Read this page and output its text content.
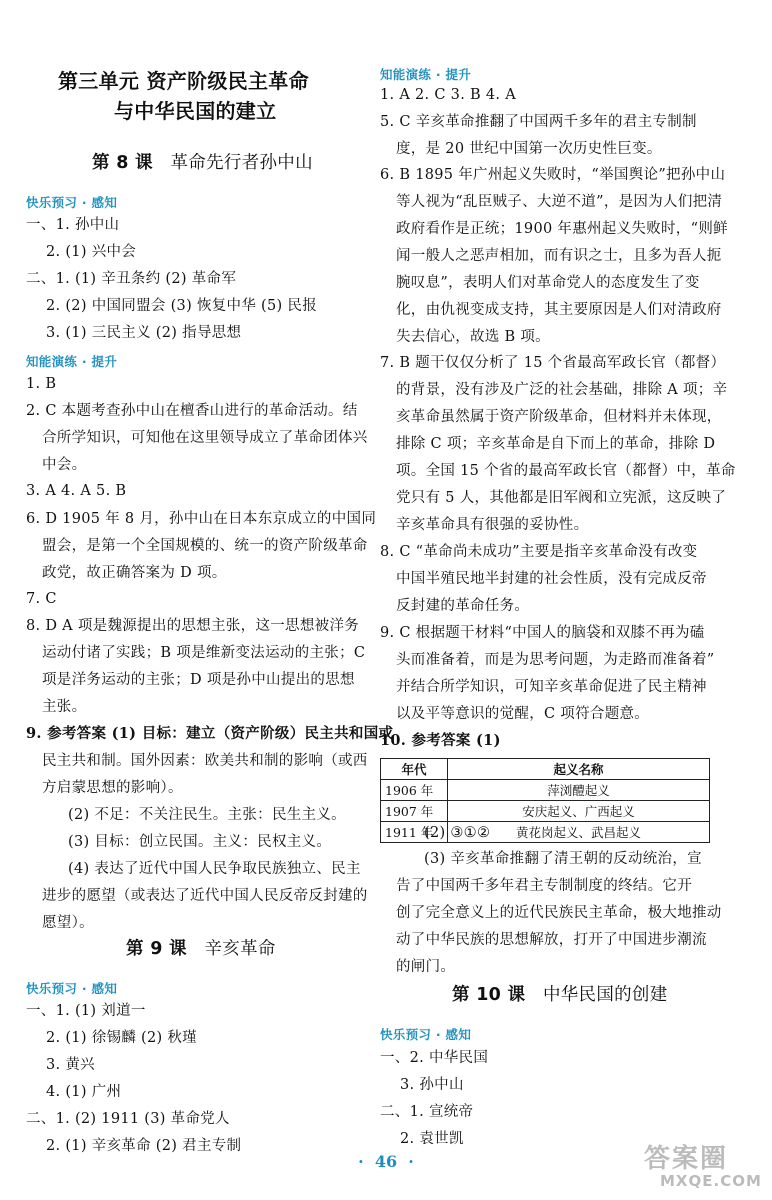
第三单元 资产阶级民主革命
与中华民国的建立
第 8 课 革命先行者孙中山
快乐预习 · 感知
一、1. 孙中山
2. (1) 兴中会
二、1. (1) 辛丑条约 (2) 革命军
2. (2) 中国同盟会 (3) 恢复中华 (5) 民报
3. (1) 三民主义 (2) 指导思想
知能演练 · 提升
1. B
2. C 本题考查孙中山在檀香山进行的革命活动。结
合所学知识，可知他在这里领导成立了革命团体兴
中会。
3. A 4. A 5. B
6. D 1905 年 8 月，孙中山在日本东京成立的中国同
盟会，是第一个全国规模的、统一的资产阶级革命
政党，故正确答案为 D 项。
7. C
8. D A 项是魏源提出的思想主张，这一思想被洋务
运动付诸了实践；B 项是维新变法运动的主张；C
项是洋务运动的主张；D 项是孙中山提出的思想
主张。
9. 参考答案 (1) 目标：建立（资产阶级）民主共和国或
民主共和制。国外因素：欧美共和制的影响（或西
方启蒙思想的影响）。
(2) 不足：不关注民生。主张：民生主义。
(3) 目标：创立民国。主义：民权主义。
(4) 表达了近代中国人民争取民族独立、民主
进步的愿望（或表达了近代中国人民反帝反封建的
愿望）。
第 9 课 辛亥革命
快乐预习 · 感知
一、1. (1) 刘道一
2. (1) 徐锡麟 (2) 秋瑾
3. 黄兴
4. (1) 广州
二、1. (2) 1911 (3) 革命党人
2. (1) 辛亥革命 (2) 君主专制
知能演练 · 提升
1. A 2. C 3. B 4. A
5. C 辛亥革命推翻了中国两千多年的君主专制制
度，是 20 世纪中国第一次历史性巨变。
6. B 1895 年广州起义失败时，“举国舆论”把孙中山
等人视为“乱臣贼子、大逆不道”，是因为人们把清
政府看作是正统；1900 年惠州起义失败时，“则鲜
闻一般人之恶声相加，而有识之士，且多为吾人扼
腕叹息”，表明人们对革命党人的态度发生了变
化，由仇视变成支持，其主要原因是人们对清政府
失去信心，故选 B 项。
7. B 题干仅仅分析了 15 个省最高军政长官（都督）
的背景，没有涉及广泛的社会基础，排除 A 项；辛
亥革命虽然属于资产阶级革命，但材料并未体现，
排除 C 项；辛亥革命是自下而上的革命，排除 D
项。全国 15 个省的最高军政长官（都督）中，革命
党只有 5 人，其他都是旧军阀和立宪派，这反映了
辛亥革命具有很强的妥协性。
8. C “革命尚未成功”主要是指辛亥革命没有改变
中国半殖民地半封建的社会性质，没有完成反帝
反封建的革命任务。
9. C 根据题干材料“中国人的脑袋和双膝不再为磕
头而准备着，而是为思考问题，为走路而准备着”
并结合所学知识，可知辛亥革命促进了民主精神
以及平等意识的觉醒，C 项符合题意。
10. 参考答案 (1)
年代	起义名称
1906 年	萍浏醴起义
1907 年	安庆起义、广西起义
1911 年	黄花岗起义、武昌起义
(2) ③①②
(3) 辛亥革命推翻了清王朝的反动统治，宣
告了中国两千多年君主专制制度的终结。它开
创了完全意义上的近代民族民主革命，极大地推动
动了中华民族的思想解放，打开了中国进步潮流
的闸门。
第 10 课 中华民国的创建
快乐预习 · 感知
一、2. 中华民国
3. 孙中山
二、1. 宣统帝
2. 袁世凯
·  46  ·	答案圈
MXQE.COM
